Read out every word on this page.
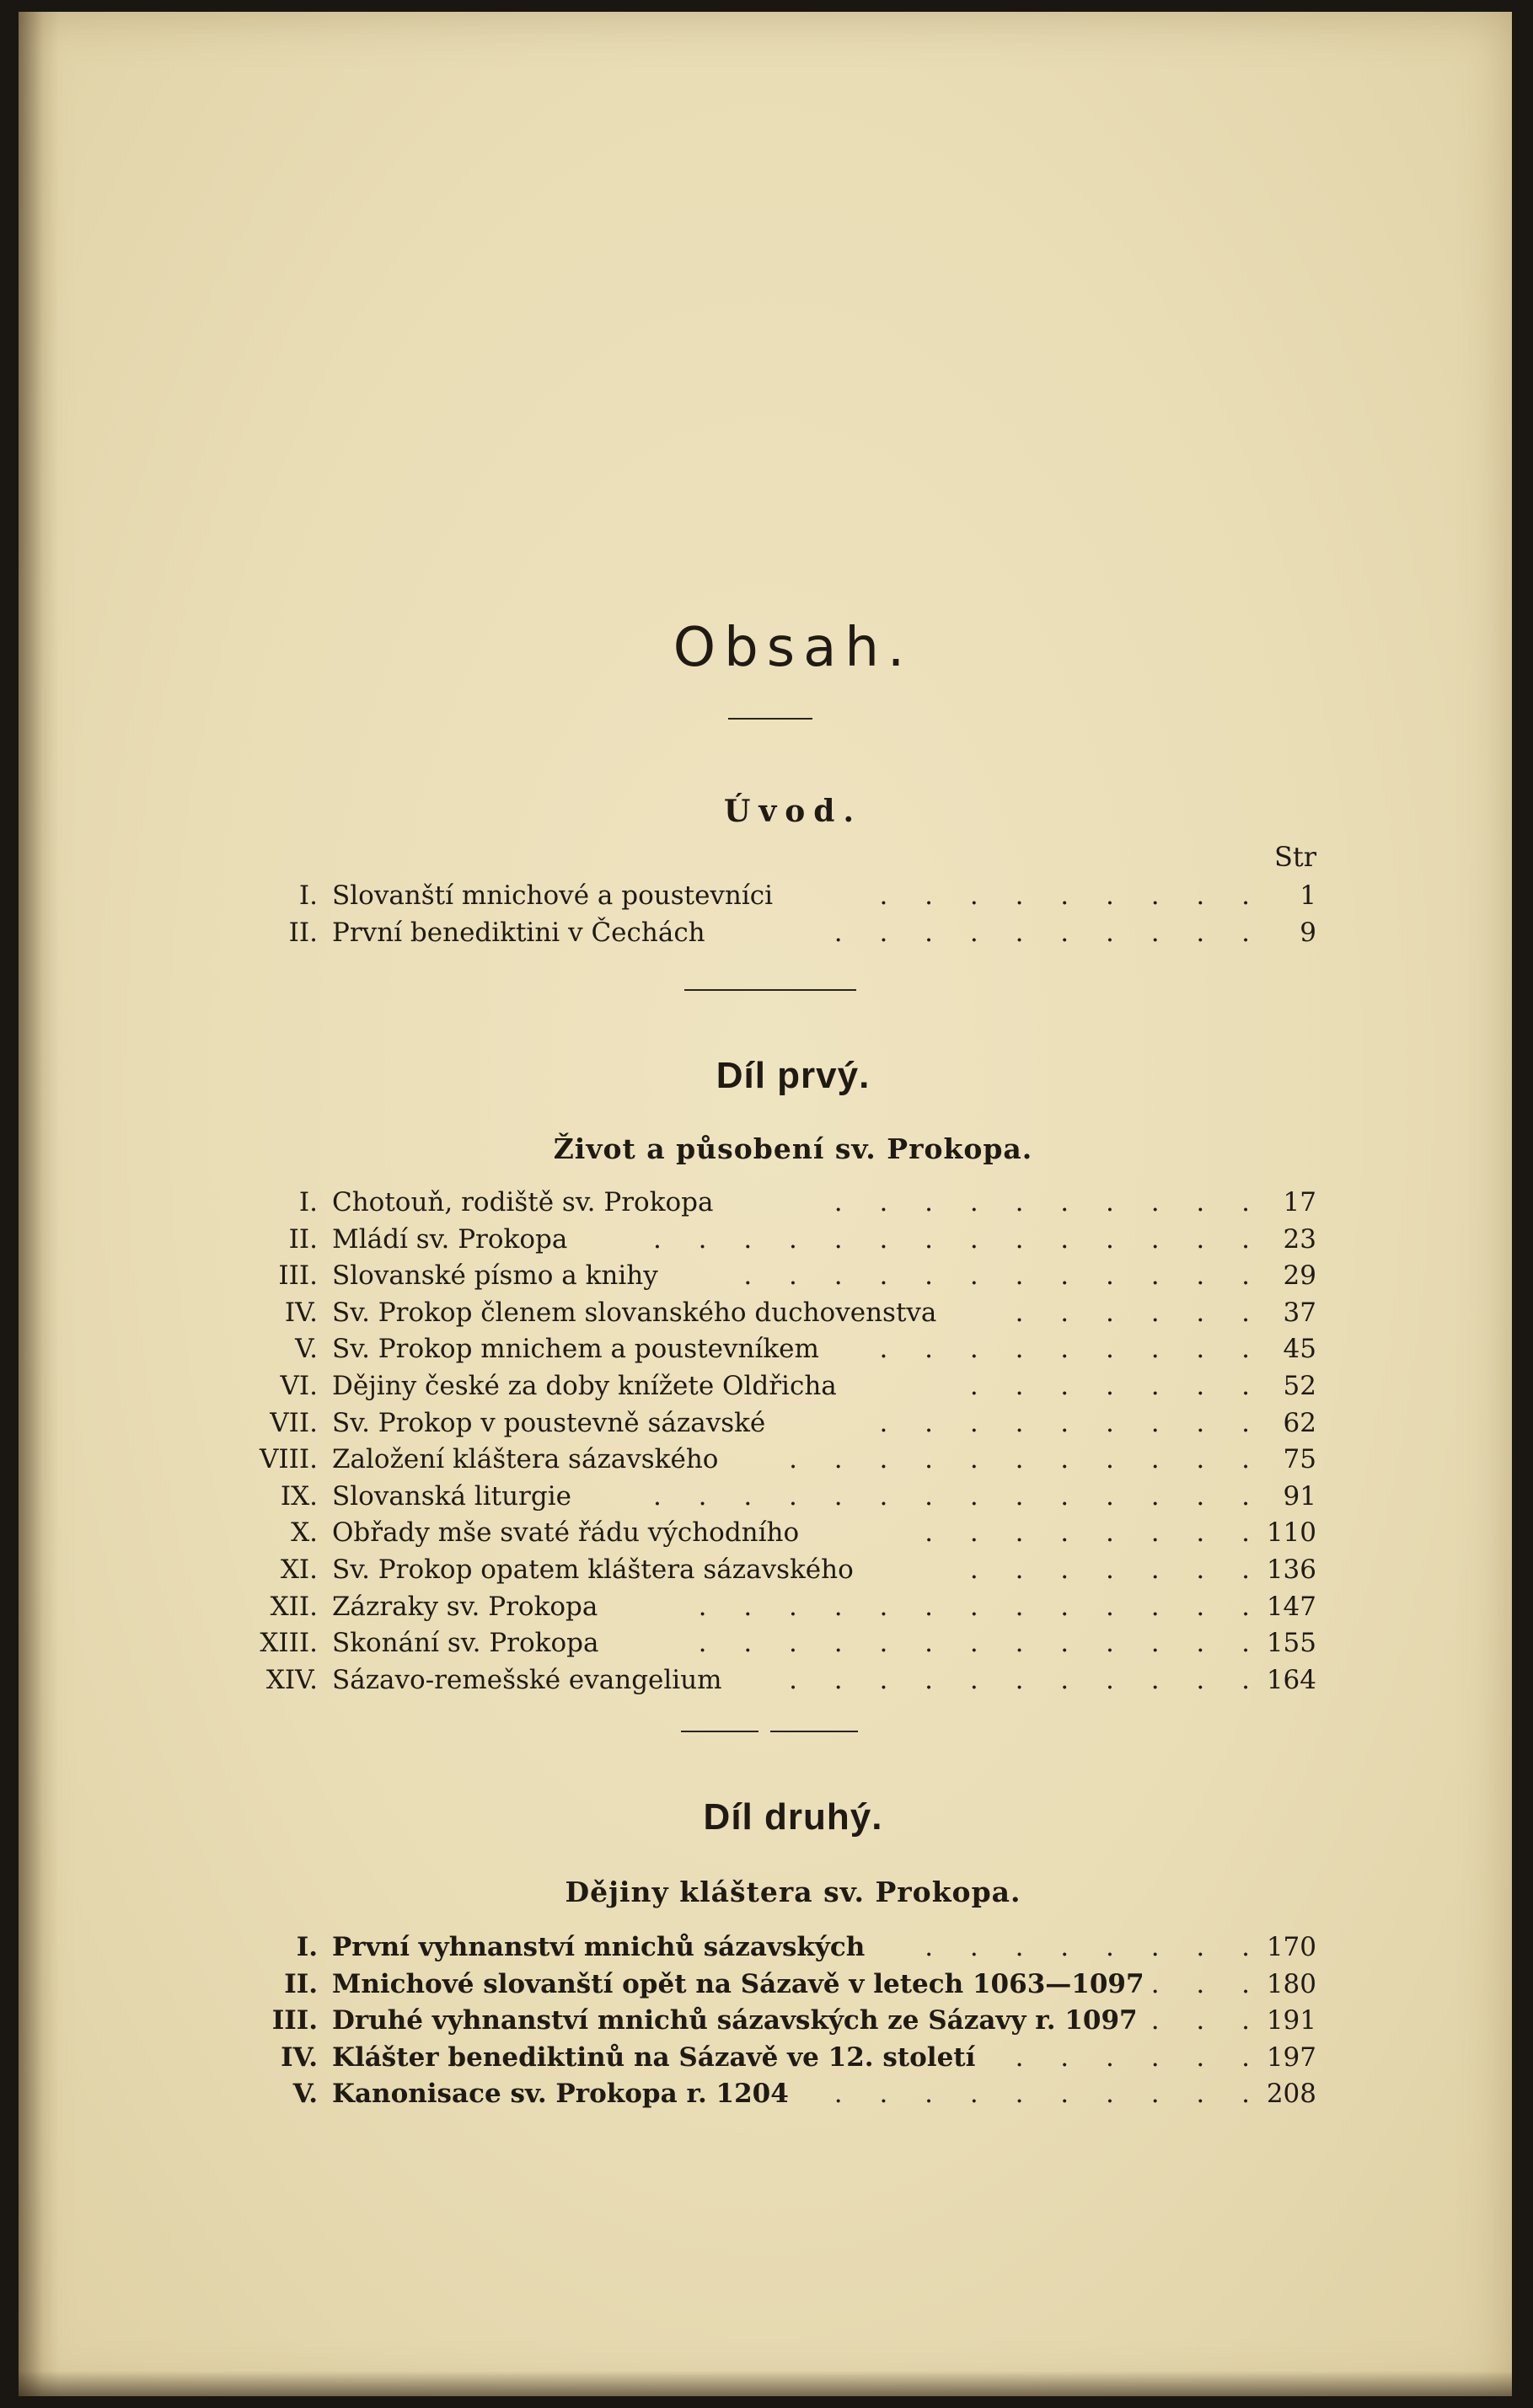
Obsah.
Úvod.
Str
I. Slovanští mnichové a poustevníci	. . . . . . . . .	1
II. První benediktini v Čechách	. . . . . . . . . .	9
Díl prvý.
Život a působení sv. Prokopa.
I. Chotouň, rodiště sv. Prokopa	. . . . . . . . . . 17
II. Mládí sv. Prokopa	. . . . . . . . . . . . . . 23
III. Slovanské písmo a knihy	. . . . . . . . . . . . 29
IV. Sv. Prokop členem slovanského duchovenstva	. . . . . . 37
V. Sv. Prokop mnichem a poustevníkem . . . . . . . . . 45
VI. Dějiny české za doby knížete Oldřicha	. . . . . . . 52
VII. Sv. Prokop v poustevně sázavské	. . . . . . . . . 62
VIII. Založení kláštera sázavského	. . . . . . . . . . . 75
IX. Slovanská liturgie	. . . . . . . . . . . . . . 91
X. Obřady mše svaté řádu východního	. . . . . . . . 110
XI. Sv. Prokop opatem kláštera sázavského	. . . . . . . 136
XII. Zázraky sv. Prokopa	. . . . . . . . . . . . . 147
XIII. Skonání sv. Prokopa	. . . . . . . . . . . . . 155
XIV. Sázavo-remešské evangelium	. . . . . . . . . . . 164
Díl druhý.
Dějiny kláštera sv. Prokopa.
I. První vyhnanství mnichů sázavských . . . . . . . . 170
II. Mnichové slovanští opět na Sázavě v letech 1063—1097 . . . 180
III. Druhé vyhnanství mnichů sázavských ze Sázavy r. 1097 . . . 191
IV. Klášter benediktinů na Sázavě ve 12. století . . . . . . 197
V. Kanonisace sv. Prokopa r. 1204 . . . . . . . . . . 208
